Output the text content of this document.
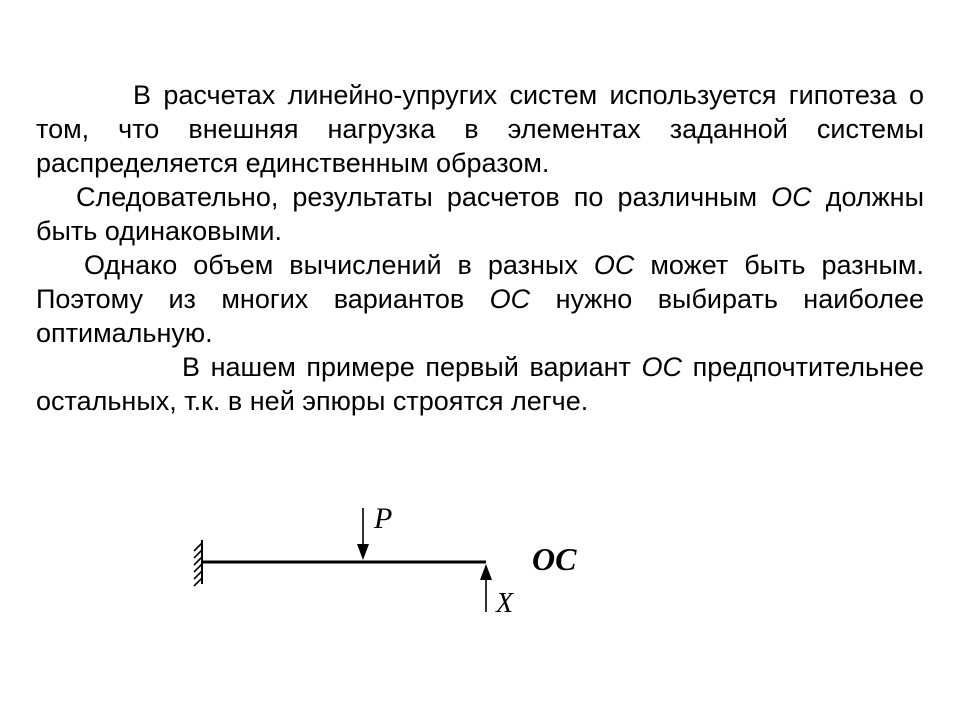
В расчетах линейно-упругих систем используется гипотеза о том, что внешняя нагрузка в элементах заданной системы распределяется единственным образом.

Следовательно, результаты расчетов по различным ОС должны быть одинаковыми.

Однако объем вычислений в разных ОС может быть разным. Поэтому из многих вариантов ОС нужно выбирать наиболее оптимальную.

В нашем примере первый вариант ОС предпочтительнее остальных, т.к. в ней эпюры строятся легче.

P
X
ОС
